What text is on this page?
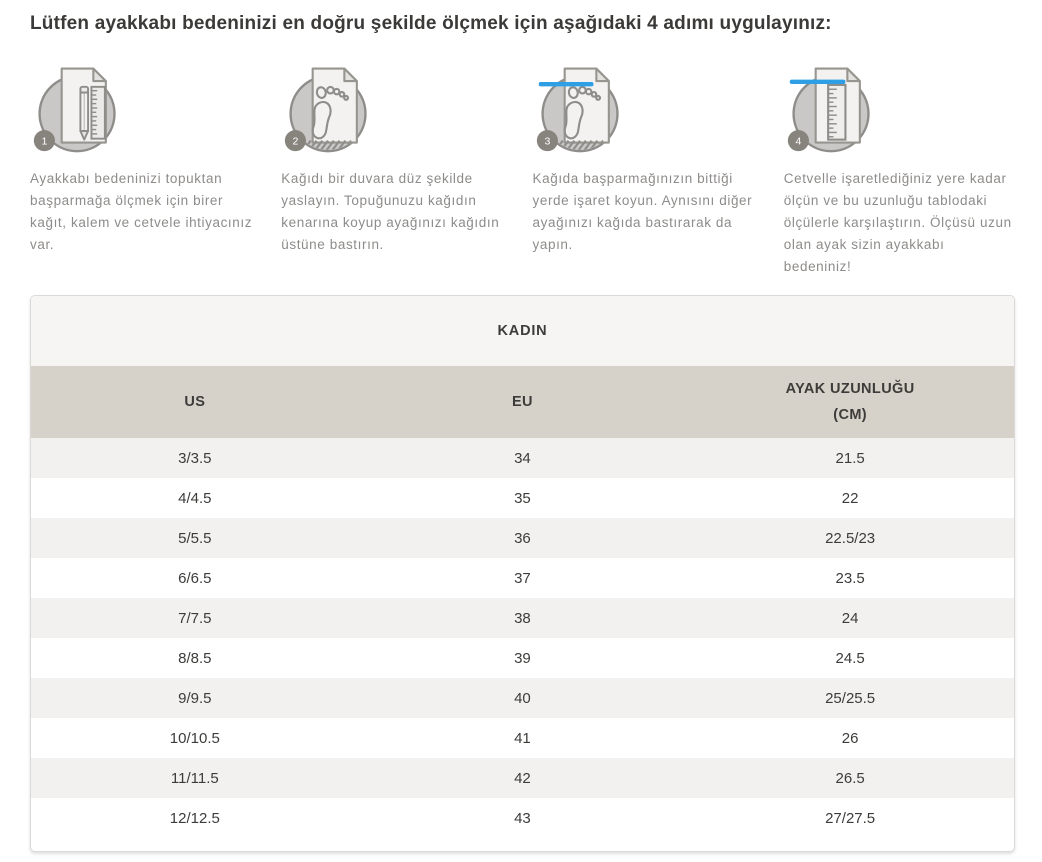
Lütfen ayakkabı bedeninizi en doğru şekilde ölçmek için aşağıdaki 4 adımı uygulayınız:
1
Ayakkabı bedeninizi topuktan başparmağa ölçmek için birer kağıt, kalem ve cetvele ihtiyacınız var.
2
Kağıdı bir duvara düz şekilde yaslayın. Topuğunuzu kağıdın kenarına koyup ayağınızı kağıdın üstüne bastırın.
3
Kağıda başparmağınızın bittiği yerde işaret koyun. Aynısını diğer ayağınızı kağıda bastırarak da yapın.
4
Cetvelle işaretlediğiniz yere kadar ölçün ve bu uzunluğu tablodaki ölçülerle karşılaştırın. Ölçüsü uzun olan ayak sizin ayakkabı bedeniniz!
KADIN
US	EU	AYAK UZUNLUĞU
(CM)

3/3.5	34	21.5
4/4.5	35	22
5/5.5	36	22.5/23
6/6.5	37	23.5
7/7.5	38	24
8/8.5	39	24.5
9/9.5	40	25/25.5
10/10.5	41	26
11/11.5	42	26.5
12/12.5	43	27/27.5
